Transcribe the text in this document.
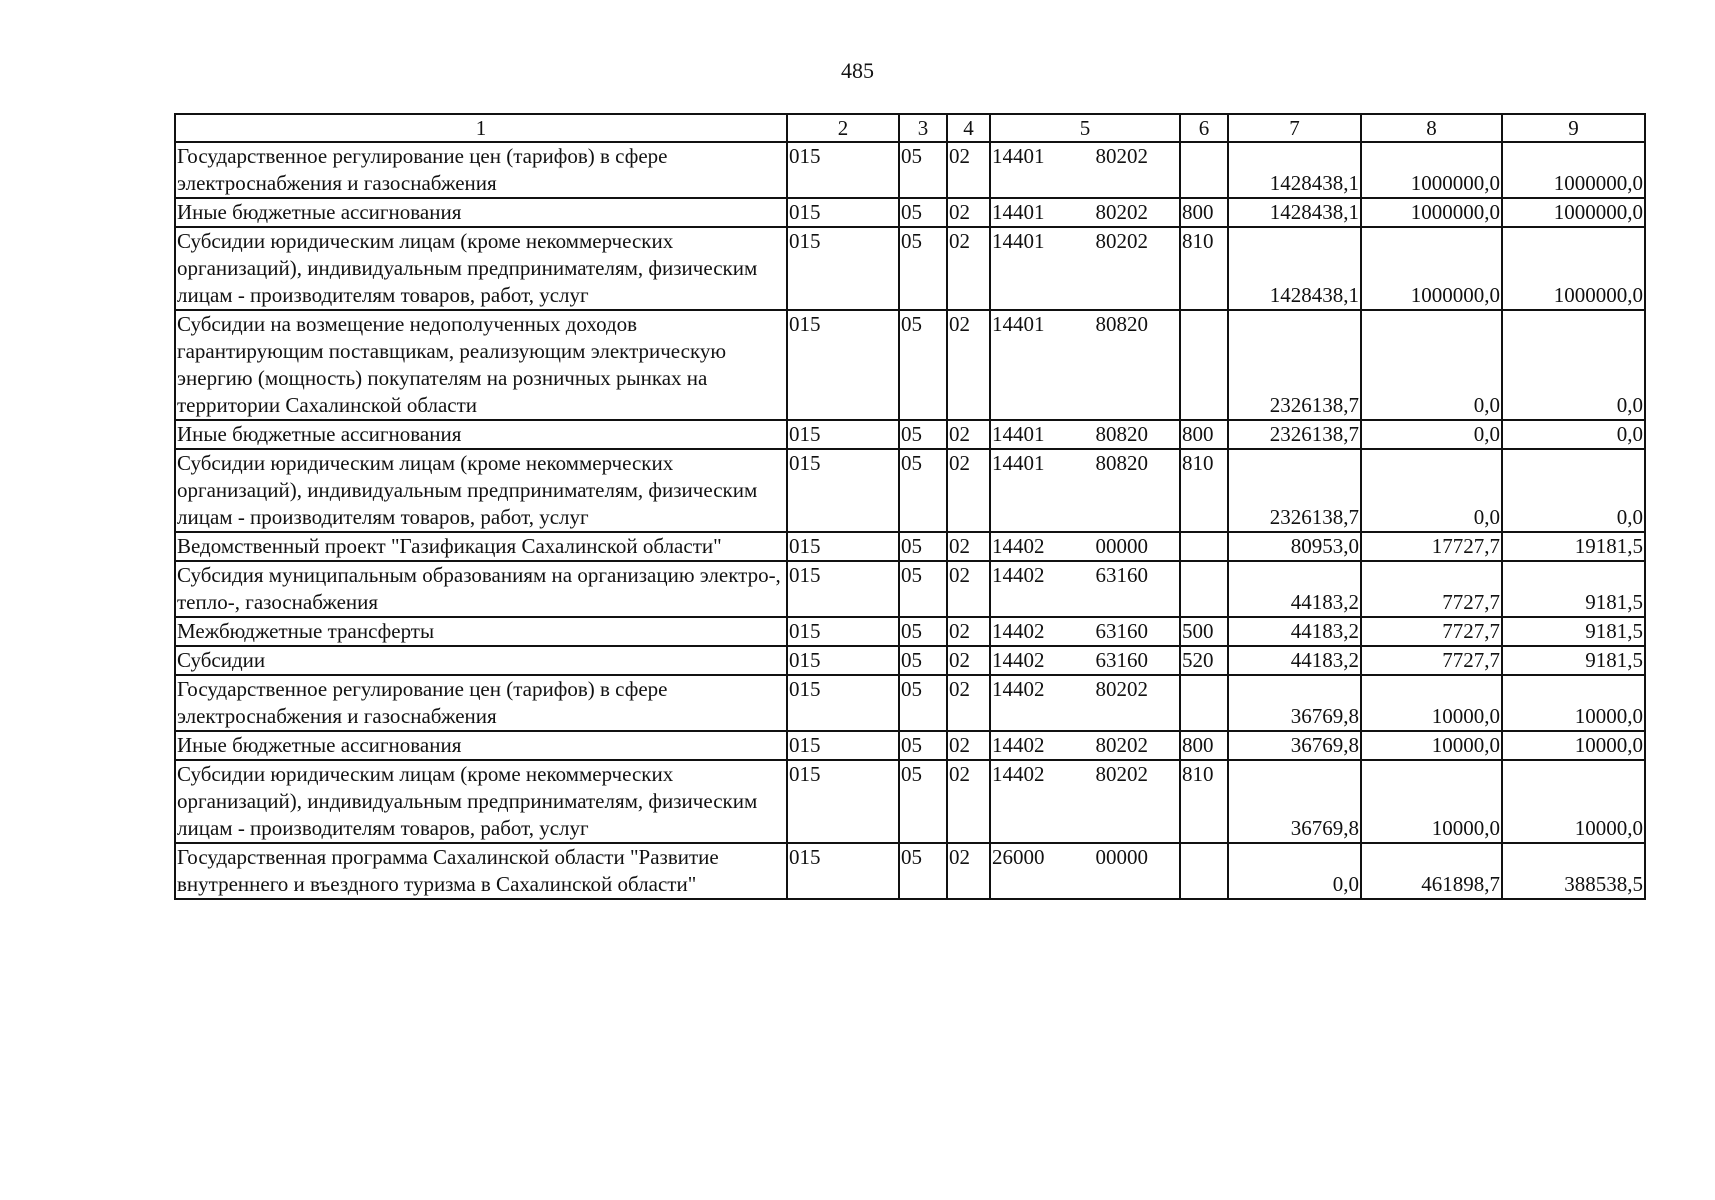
485
1	2	3	4	5	6	7	8	9
Государственное регулирование цен (тарифов) в сфере электроснабжения и газоснабжения	015	05	02	14401 80202		1428438,1	1000000,0	1000000,0
Иные бюджетные ассигнования	015	05	02	14401 80202	800	1428438,1	1000000,0	1000000,0
Субсидии юридическим лицам (кроме некоммерческих организаций), индивидуальным предпринимателям, физическим лицам - производителям товаров, работ, услуг	015	05	02	14401 80202	810	1428438,1	1000000,0	1000000,0
Субсидии на возмещение недополученных доходов гарантирующим поставщикам, реализующим электрическую энергию (мощность) покупателям на розничных рынках на территории Сахалинской области	015	05	02	14401 80820		2326138,7	0,0	0,0
Иные бюджетные ассигнования	015	05	02	14401 80820	800	2326138,7	0,0	0,0
Субсидии юридическим лицам (кроме некоммерческих организаций), индивидуальным предпринимателям, физическим лицам - производителям товаров, работ, услуг	015	05	02	14401 80820	810	2326138,7	0,0	0,0
Ведомственный проект "Газификация Сахалинской области"	015	05	02	14402 00000		80953,0	17727,7	19181,5
Субсидия муниципальным образованиям на организацию электро-, тепло-, газоснабжения	015	05	02	14402 63160		44183,2	7727,7	9181,5
Межбюджетные трансферты	015	05	02	14402 63160	500	44183,2	7727,7	9181,5
Субсидии	015	05	02	14402 63160	520	44183,2	7727,7	9181,5
Государственное регулирование цен (тарифов) в сфере электроснабжения и газоснабжения	015	05	02	14402 80202		36769,8	10000,0	10000,0
Иные бюджетные ассигнования	015	05	02	14402 80202	800	36769,8	10000,0	10000,0
Субсидии юридическим лицам (кроме некоммерческих организаций), индивидуальным предпринимателям, физическим лицам - производителям товаров, работ, услуг	015	05	02	14402 80202	810	36769,8	10000,0	10000,0
Государственная программа Сахалинской области "Развитие внутреннего и въездного туризма в Сахалинской области"	015	05	02	26000 00000		0,0	461898,7	388538,5
